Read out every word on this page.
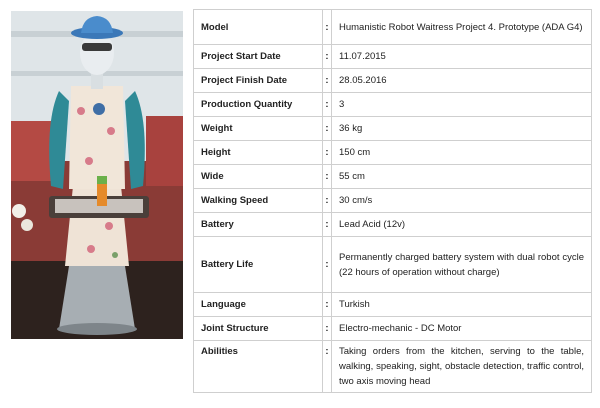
Model	:	Humanistic Robot Waitress Project 4. Prototype (ADA G4)
Project Start Date	:	11.07.2015
Project Finish Date	:	28.05.2016
Production Quantity	:	3
Weight	:	36 kg
Height	:	150 cm
Wide	:	55 cm
Walking Speed	:	30 cm/s
Battery	:	Lead Acid (12v)
Battery Life	:	Permanently charged battery system with dual robot cycle (22 hours of operation without charge)
Language	:	Turkish
Joint Structure	:	Electro-mechanic - DC Motor
Abilities	:	Taking orders from the kitchen, serving to the table, walking, speaking, sight, obstacle detection, traffic control, two axis moving head
